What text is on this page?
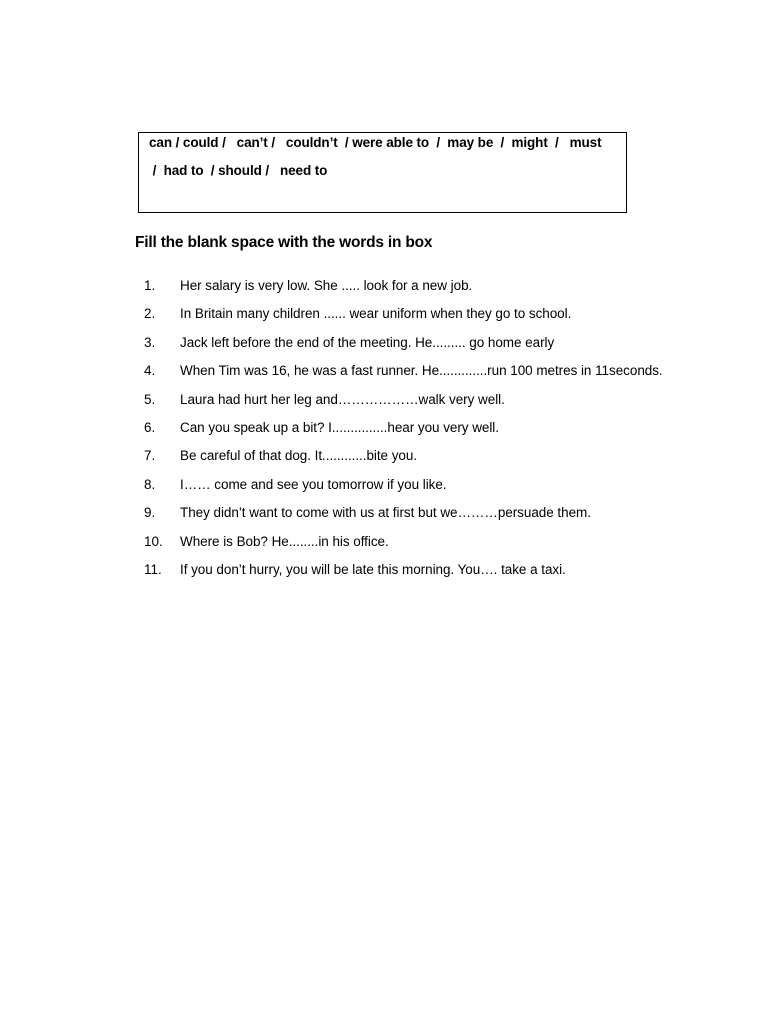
can / could /   can’t /   couldn’t  / were able to  /  may be  /  might  /   must
/  had to  / should /   need to
Fill the blank space with the words in box
1. Her salary is very low. She ..... look for a new job.
2. In Britain many children ...... wear uniform when they go to school.
3. Jack left before the end of the meeting. He......... go home early
4. When Tim was 16, he was a fast runner. He.............run 100 metres in 11seconds.
5. Laura had hurt her leg and………………walk very well.
6. Can you speak up a bit? I...............hear you very well.
7. Be careful of that dog. It............bite you.
8. I…… come and see you tomorrow if you like.
9. They didn’t want to come with us at first but we………persuade them.
10. Where is Bob? He........in his office.
11. If you don’t hurry, you will be late this morning. You…. take a taxi.
